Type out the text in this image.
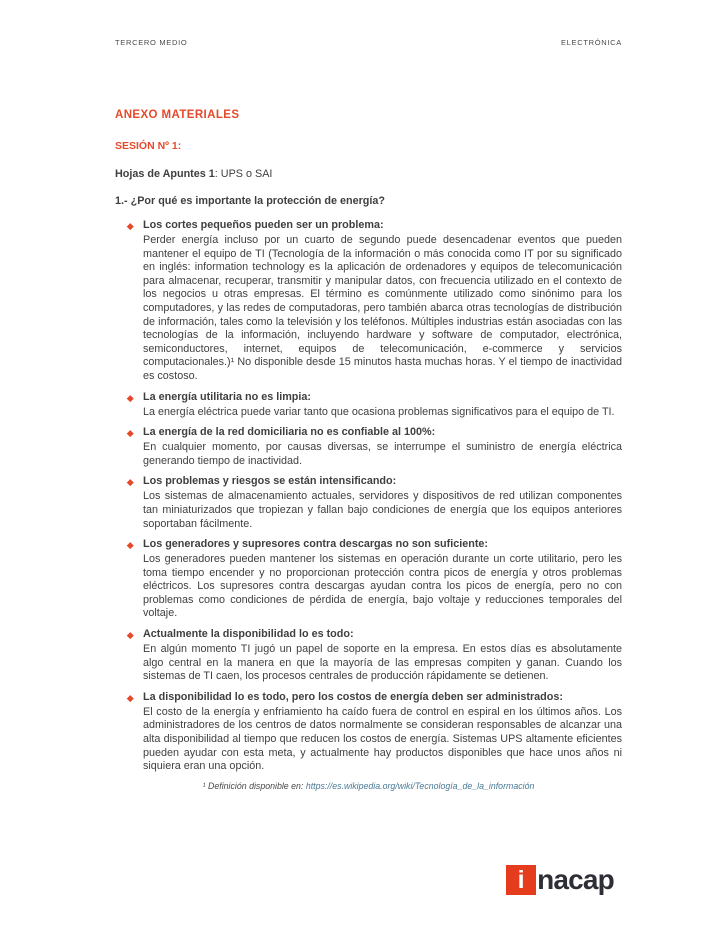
TERCERO MEDIO	ELECTRÓNICA
ANEXO MATERIALES
SESIÓN Nº 1:

Hojas de Apuntes 1: UPS o SAI

1.- ¿Por qué es importante la protección de energía?

Los cortes pequeños pueden ser un problema:

Perder energía incluso por un cuarto de segundo puede desencadenar eventos que pueden mantener el equipo de TI (Tecnología de la información o más conocida como IT por su significado en inglés: information technology es la aplicación de ordenadores y equipos de telecomunicación para almacenar, recuperar, transmitir y manipular datos, con frecuencia utilizado en el contexto de los negocios u otras empresas. El término es comúnmente utilizado como sinónimo para los computadores, y las redes de computadoras, pero también abarca otras tecnologías de distribución de información, tales como la televisión y los teléfonos. Múltiples industrias están asociadas con las tecnologías de la información, incluyendo hardware y software de computador, electrónica, semiconductores, internet, equipos de telecomunicación, e-commerce y servicios computacionales.)¹ No disponible desde 15 minutos hasta muchas horas. Y el tiempo de inactividad es costoso.

La energía utilitaria no es limpia:

La energía eléctrica puede variar tanto que ocasiona problemas significativos para el equipo de TI.

La energía de la red domiciliaria no es confiable al 100%:

En cualquier momento, por causas diversas, se interrumpe el suministro de energía eléctrica generando tiempo de inactividad.

Los problemas y riesgos se están intensificando:

Los sistemas de almacenamiento actuales, servidores y dispositivos de red utilizan componentes tan miniaturizados que tropiezan y fallan bajo condiciones de energía que los equipos anteriores soportaban fácilmente.

Los generadores y supresores contra descargas no son suficiente:

Los generadores pueden mantener los sistemas en operación durante un corte utilitario, pero les toma tiempo encender y no proporcionan protección contra picos de energía y otros problemas eléctricos. Los supresores contra descargas ayudan contra los picos de energía, pero no con problemas como condiciones de pérdida de energía, bajo voltaje y reducciones temporales del voltaje.

Actualmente la disponibilidad lo es todo:

En algún momento TI jugó un papel de soporte en la empresa. En estos días es absolutamente algo central en la manera en que la mayoría de las empresas compiten y ganan. Cuando los sistemas de TI caen, los procesos centrales de producción rápidamente se detienen.

La disponibilidad lo es todo, pero los costos de energía deben ser administrados:

El costo de la energía y enfriamiento ha caído fuera de control en espiral en los últimos años. Los administradores de los centros de datos normalmente se consideran responsables de alcanzar una alta disponibilidad al tiempo que reducen los costos de energía. Sistemas UPS altamente eficientes pueden ayudar con esta meta, y actualmente hay productos disponibles que hace unos años ni siquiera eran una opción.

¹ Definición disponible en: https://es.wikipedia.org/wiki/Tecnología_de_la_información

i nacap
